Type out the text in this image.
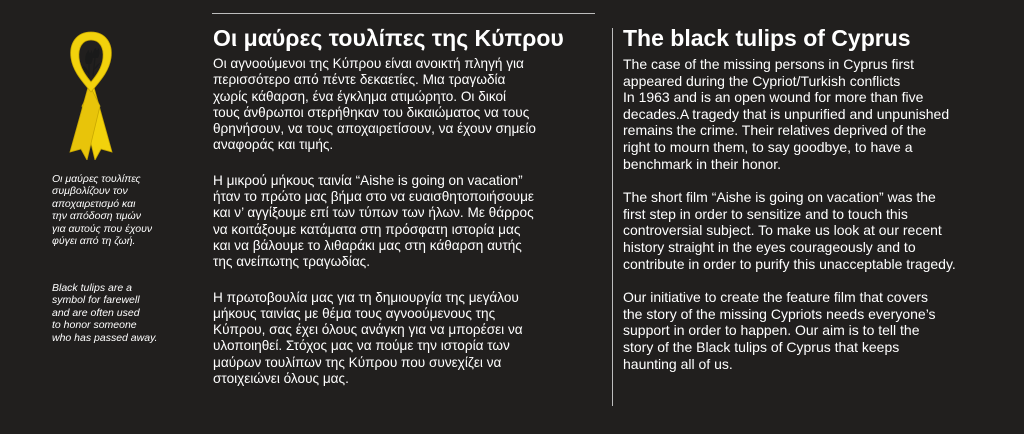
Οι μαύρες τουλίπες
συμβολίζουν τον
αποχαιρετισμό και
την απόδοση τιμών
για αυτούς που έχουν
φύγει από τη ζωή.
Black tulips are a
symbol for farewell
and are often used
to honor someone
who has passed away.
Οι μαύρες τουλίπες της Κύπρου

Οι αγνοούμενοι της Κύπρου είναι ανοικτή πληγή για
περισσότερο από πέντε δεκαετίες. Μια τραγωδία
χωρίς κάθαρση, ένα έγκλημα ατιμώρητο. Οι δικοί
τους άνθρωποι στερήθηκαν του δικαιώματος να τους
θρηνήσουν, να τους αποχαιρετίσουν, να έχουν σημείο
αναφοράς και τιμής.

Η μικρού μήκους ταινία “Aishe is going on vacation”
ήταν το πρώτο μας βήμα στο να ευαισθητοποιήσουμε
και ν’ αγγίξουμε επί των τύπων των ήλων. Με θάρρος
να κοιτάξουμε κατάματα στη πρόσφατη ιστορία μας
και να βάλουμε το λιθαράκι μας στη κάθαρση αυτής
της ανείπωτης τραγωδίας.

Η πρωτοβουλία μας για τη δημιουργία της μεγάλου
μήκους ταινίας με θέμα τους αγνοούμενους της
Κύπρου, σας έχει όλους ανάγκη για να μπορέσει να
υλοποιηθεί. Στόχος μας να πούμε την ιστορία των
μαύρων τουλίπων της Κύπρου που συνεχίζει να
στοιχειώνει όλους μας.

The black tulips of Cyprus

The case of the missing persons in Cyprus first
appeared during the Cypriot/Turkish conflicts
In 1963 and is an open wound for more than five
decades.A tragedy that is unpurified and unpunished
remains the crime. Their relatives deprived of the
right to mourn them, to say goodbye, to have a
benchmark in their honor.

The short film “Aishe is going on vacation” was the
first step in order to sensitize and to touch this
controversial subject. To make us look at our recent
history straight in the eyes courageously and to
contribute in order to purify this unacceptable tragedy.

Our initiative to create the feature film that covers
the story of the missing Cypriots needs everyone’s
support in order to happen. Our aim is to tell the
story of the Black tulips of Cyprus that keeps
haunting all of us.
